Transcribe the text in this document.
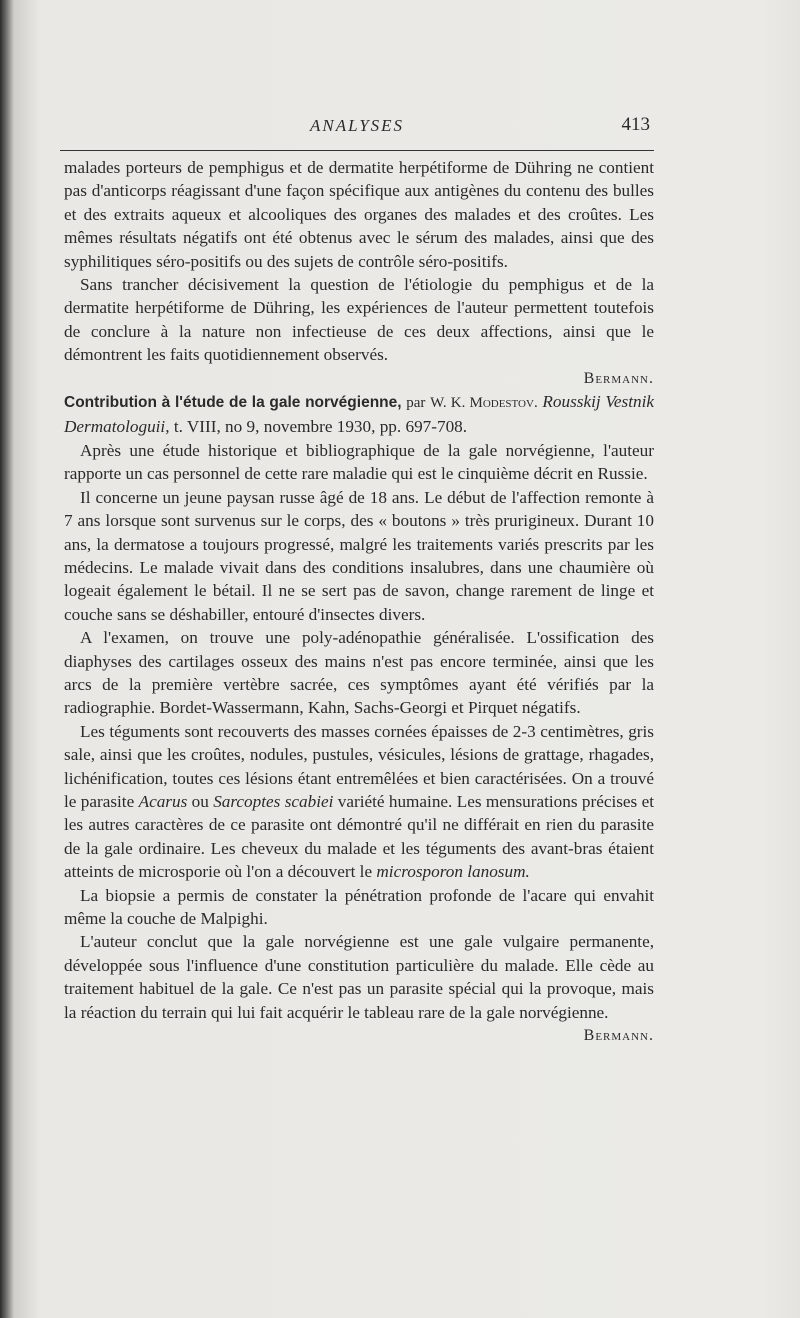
ANALYSES	413

malades porteurs de pemphigus et de dermatite herpétiforme de Dühring ne contient pas d'anticorps réagissant d'une façon spécifique aux antigènes du contenu des bulles et des extraits aqueux et alcooliques des organes des malades et des croûtes. Les mêmes résultats négatifs ont été obtenus avec le sérum des malades, ainsi que des syphilitiques séro-positifs ou des sujets de contrôle séro-positifs.

Sans trancher décisivement la question de l'étiologie du pemphigus et de la dermatite herpétiforme de Dühring, les expériences de l'auteur permettent toutefois de conclure à la nature non infectieuse de ces deux affections, ainsi que le démontrent les faits quotidiennement observés.

Bermann.

Contribution à l'étude de la gale norvégienne, par W. K. Modestov. Rousskij Vestnik Dermatologuii, t. VIII, no 9, novembre 1930, pp. 697-708.

Après une étude historique et bibliographique de la gale norvégienne, l'auteur rapporte un cas personnel de cette rare maladie qui est le cinquième décrit en Russie.

Il concerne un jeune paysan russe âgé de 18 ans. Le début de l'affection remonte à 7 ans lorsque sont survenus sur le corps, des « boutons » très prurigineux. Durant 10 ans, la dermatose a toujours progressé, malgré les traitements variés prescrits par les médecins. Le malade vivait dans des conditions insalubres, dans une chaumière où logeait également le bétail. Il ne se sert pas de savon, change rarement de linge et couche sans se déshabiller, entouré d'insectes divers.

A l'examen, on trouve une poly-adénopathie généralisée. L'ossification des diaphyses des cartilages osseux des mains n'est pas encore terminée, ainsi que les arcs de la première vertèbre sacrée, ces symptômes ayant été vérifiés par la radiographie. Bordet-Wassermann, Kahn, Sachs-Georgi et Pirquet négatifs.

Les téguments sont recouverts des masses cornées épaisses de 2-3 centimètres, gris sale, ainsi que les croûtes, nodules, pustules, vésicules, lésions de grattage, rhagades, lichénification, toutes ces lésions étant entremêlées et bien caractérisées. On a trouvé le parasite Acarus ou Sarcoptes scabiei variété humaine. Les mensurations précises et les autres caractères de ce parasite ont démontré qu'il ne différait en rien du parasite de la gale ordinaire. Les cheveux du malade et les téguments des avant-bras étaient atteints de microsporie où l'on a découvert le microsporon lanosum.

La biopsie a permis de constater la pénétration profonde de l'acare qui envahit même la couche de Malpighi.

L'auteur conclut que la gale norvégienne est une gale vulgaire permanente, développée sous l'influence d'une constitution particulière du malade. Elle cède au traitement habituel de la gale. Ce n'est pas un parasite spécial qui la provoque, mais la réaction du terrain qui lui fait acquérir le tableau rare de la gale norvégienne.

Bermann.
